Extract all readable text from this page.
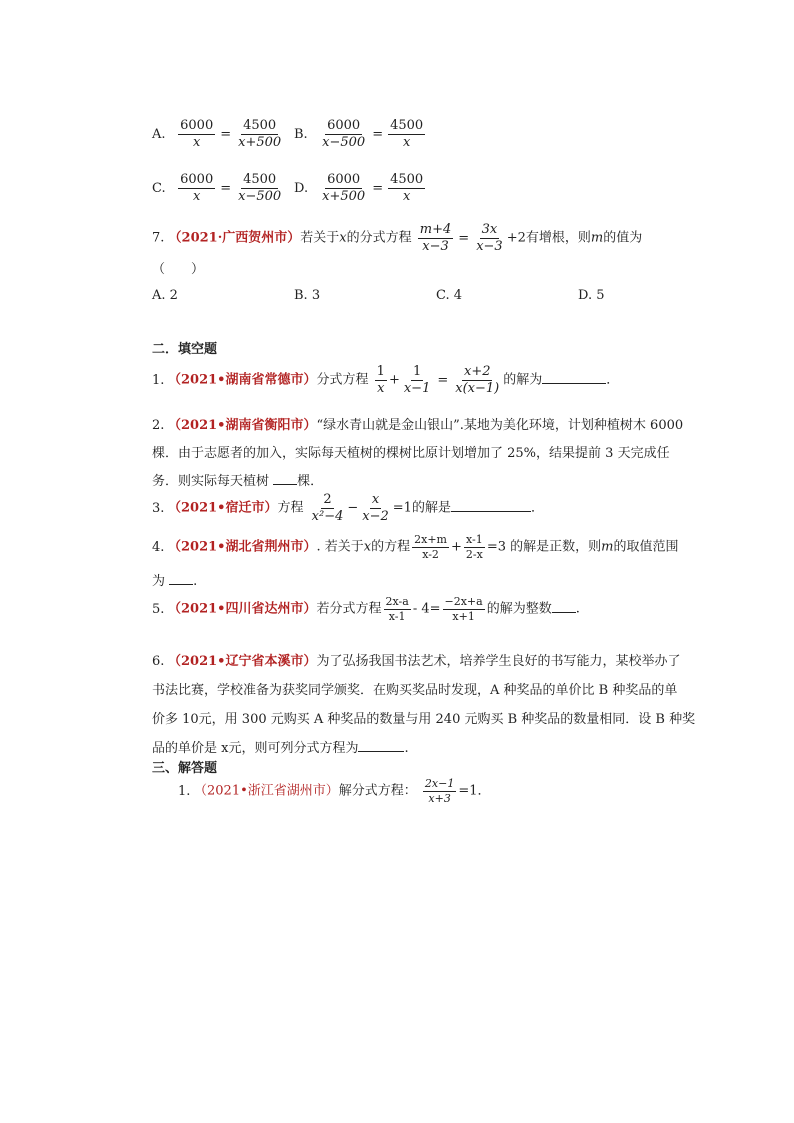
A. $\frac{6000}{x} = \frac{4500}{x+500} B$. $\frac{6000}{x-500} = \frac{4500}{x}$
C. $\frac{6000}{x} = \frac{4500}{x-500} D$. $\frac{6000}{x+500} = \frac{4500}{x}$
7. （2021·广西贺州市）若关于x的分式方程 $\frac{m+4}{x-3} = \frac{3x}{x-3} +2$有增根，则m的值为
（　　）
A. 2	B. 3	C. 4	D. 5
二．填空题
1. （2021•湖南省常德市）分式方程 $\frac{1}{x} + \frac{1}{x-1} = \frac{x+2}{x(x-1)}$ 的解为	．
2. （2021•湖南省衡阳市）“绿水青山就是金山银山”.某地为美化环境，计划种植树木 6000
棵．由于志愿者的加入，实际每天植树的棵树比原计划增加了 25%，结果提前 3 天完成任
务．则实际每天植树 棵．
3. （2021•宿迁市）方程 $\frac{2}{\text{x²−4}} - \frac{x}{x-2} =1$的解是	．
4. （2021•湖北省荆州市）. 若关于x的方程 $\frac{2x+m}{x-2} + \frac{x-1}{2-x} =3$ 的解是正数，则m的取值范围
为 .
5. （2021•四川省达州市）若分式方程 $\frac{2x-a}{x-1} - 4= \frac{-2x+a}{x+1}$ 的解为整数 .
6. （2021•辽宁省本溪市）为了弘扬我国书法艺术，培养学生良好的书写能力，某校举办了
书法比赛，学校准备为获奖同学颁奖．在购买奖品时发现，A 种奖品的单价比 B 种奖品的单
价多 10元，用 300 元购买 A 种奖品的数量与用 240 元购买 B 种奖品的数量相同．设 B 种奖
品的单价是 x元，则可列分式方程为	.
三、解答题
1. （2021•浙江省湖州市）解分式方程： $\frac{2x-1}{x+3} =1$．
